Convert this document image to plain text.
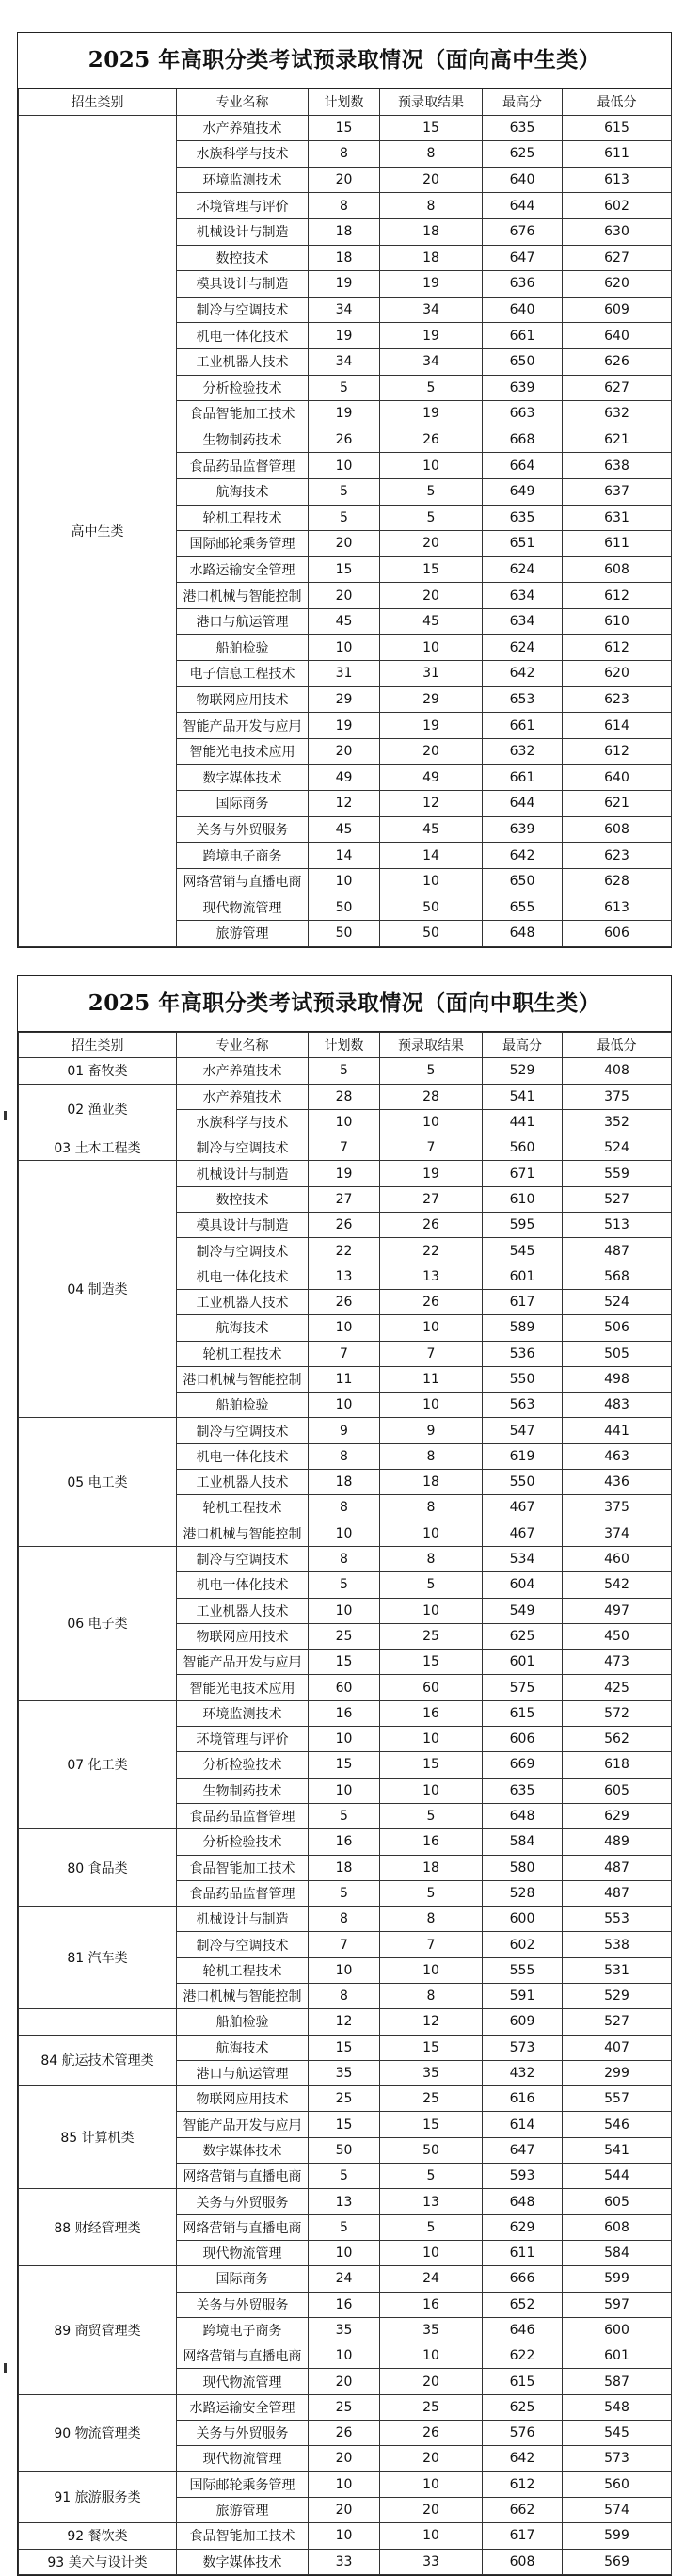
2025 年高职分类考试预录取情况（面向高中生类）
招生类别	专业名称	计划数	预录取结果	最高分	最低分
高中生类	水产养殖技术	15	15	635	615
	水族科学与技术	8	8	625	611
	环境监测技术	20	20	640	613
	环境管理与评价	8	8	644	602
	机械设计与制造	18	18	676	630
	数控技术	18	18	647	627
	模具设计与制造	19	19	636	620
	制冷与空调技术	34	34	640	609
	机电一体化技术	19	19	661	640
	工业机器人技术	34	34	650	626
	分析检验技术	5	5	639	627
	食品智能加工技术	19	19	663	632
	生物制药技术	26	26	668	621
	食品药品监督管理	10	10	664	638
	航海技术	5	5	649	637
	轮机工程技术	5	5	635	631
	国际邮轮乘务管理	20	20	651	611
	水路运输安全管理	15	15	624	608
	港口机械与智能控制	20	20	634	612
	港口与航运管理	45	45	634	610
	船舶检验	10	10	624	612
	电子信息工程技术	31	31	642	620
	物联网应用技术	29	29	653	623
	智能产品开发与应用	19	19	661	614
	智能光电技术应用	20	20	632	612
	数字媒体技术	49	49	661	640
	国际商务	12	12	644	621
	关务与外贸服务	45	45	639	608
	跨境电子商务	14	14	642	623
	网络营销与直播电商	10	10	650	628
	现代物流管理	50	50	655	613
	旅游管理	50	50	648	606
2025 年高职分类考试预录取情况（面向中职生类）
招生类别	专业名称	计划数	预录取结果	最高分	最低分
01 畜牧类	水产养殖技术	5	5	529	408
02 渔业类	水产养殖技术	28	28	541	375
	水族科学与技术	10	10	441	352
03 土木工程类	制冷与空调技术	7	7	560	524
04 制造类	机械设计与制造	19	19	671	559
	数控技术	27	27	610	527
	模具设计与制造	26	26	595	513
	制冷与空调技术	22	22	545	487
	机电一体化技术	13	13	601	568
	工业机器人技术	26	26	617	524
	航海技术	10	10	589	506
	轮机工程技术	7	7	536	505
	港口机械与智能控制	11	11	550	498
	船舶检验	10	10	563	483
05 电工类	制冷与空调技术	9	9	547	441
	机电一体化技术	8	8	619	463
	工业机器人技术	18	18	550	436
	轮机工程技术	8	8	467	375
	港口机械与智能控制	10	10	467	374
06 电子类	制冷与空调技术	8	8	534	460
	机电一体化技术	5	5	604	542
	工业机器人技术	10	10	549	497
	物联网应用技术	25	25	625	450
	智能产品开发与应用	15	15	601	473
	智能光电技术应用	60	60	575	425
07 化工类	环境监测技术	16	16	615	572
	环境管理与评价	10	10	606	562
	分析检验技术	15	15	669	618
	生物制药技术	10	10	635	605
	食品药品监督管理	5	5	648	629
80 食品类	分析检验技术	16	16	584	489
	食品智能加工技术	18	18	580	487
	食品药品监督管理	5	5	528	487
81 汽车类	机械设计与制造	8	8	600	553
	制冷与空调技术	7	7	602	538
	轮机工程技术	10	10	555	531
	港口机械与智能控制	8	8	591	529
	船舶检验	12	12	609	527
84 航运技术管理类	航海技术	15	15	573	407
	港口与航运管理	35	35	432	299
85 计算机类	物联网应用技术	25	25	616	557
	智能产品开发与应用	15	15	614	546
	数字媒体技术	50	50	647	541
	网络营销与直播电商	5	5	593	544
88 财经管理类	关务与外贸服务	13	13	648	605
	网络营销与直播电商	5	5	629	608
	现代物流管理	10	10	611	584
89 商贸管理类	国际商务	24	24	666	599
	关务与外贸服务	16	16	652	597
	跨境电子商务	35	35	646	600
	网络营销与直播电商	10	10	622	601
	现代物流管理	20	20	615	587
90 物流管理类	水路运输安全管理	25	25	625	548
	关务与外贸服务	26	26	576	545
	现代物流管理	20	20	642	573
91 旅游服务类	国际邮轮乘务管理	10	10	612	560
	旅游管理	20	20	662	574
92 餐饮类	食品智能加工技术	10	10	617	599
93 美术与设计类	数字媒体技术	33	33	608	569
